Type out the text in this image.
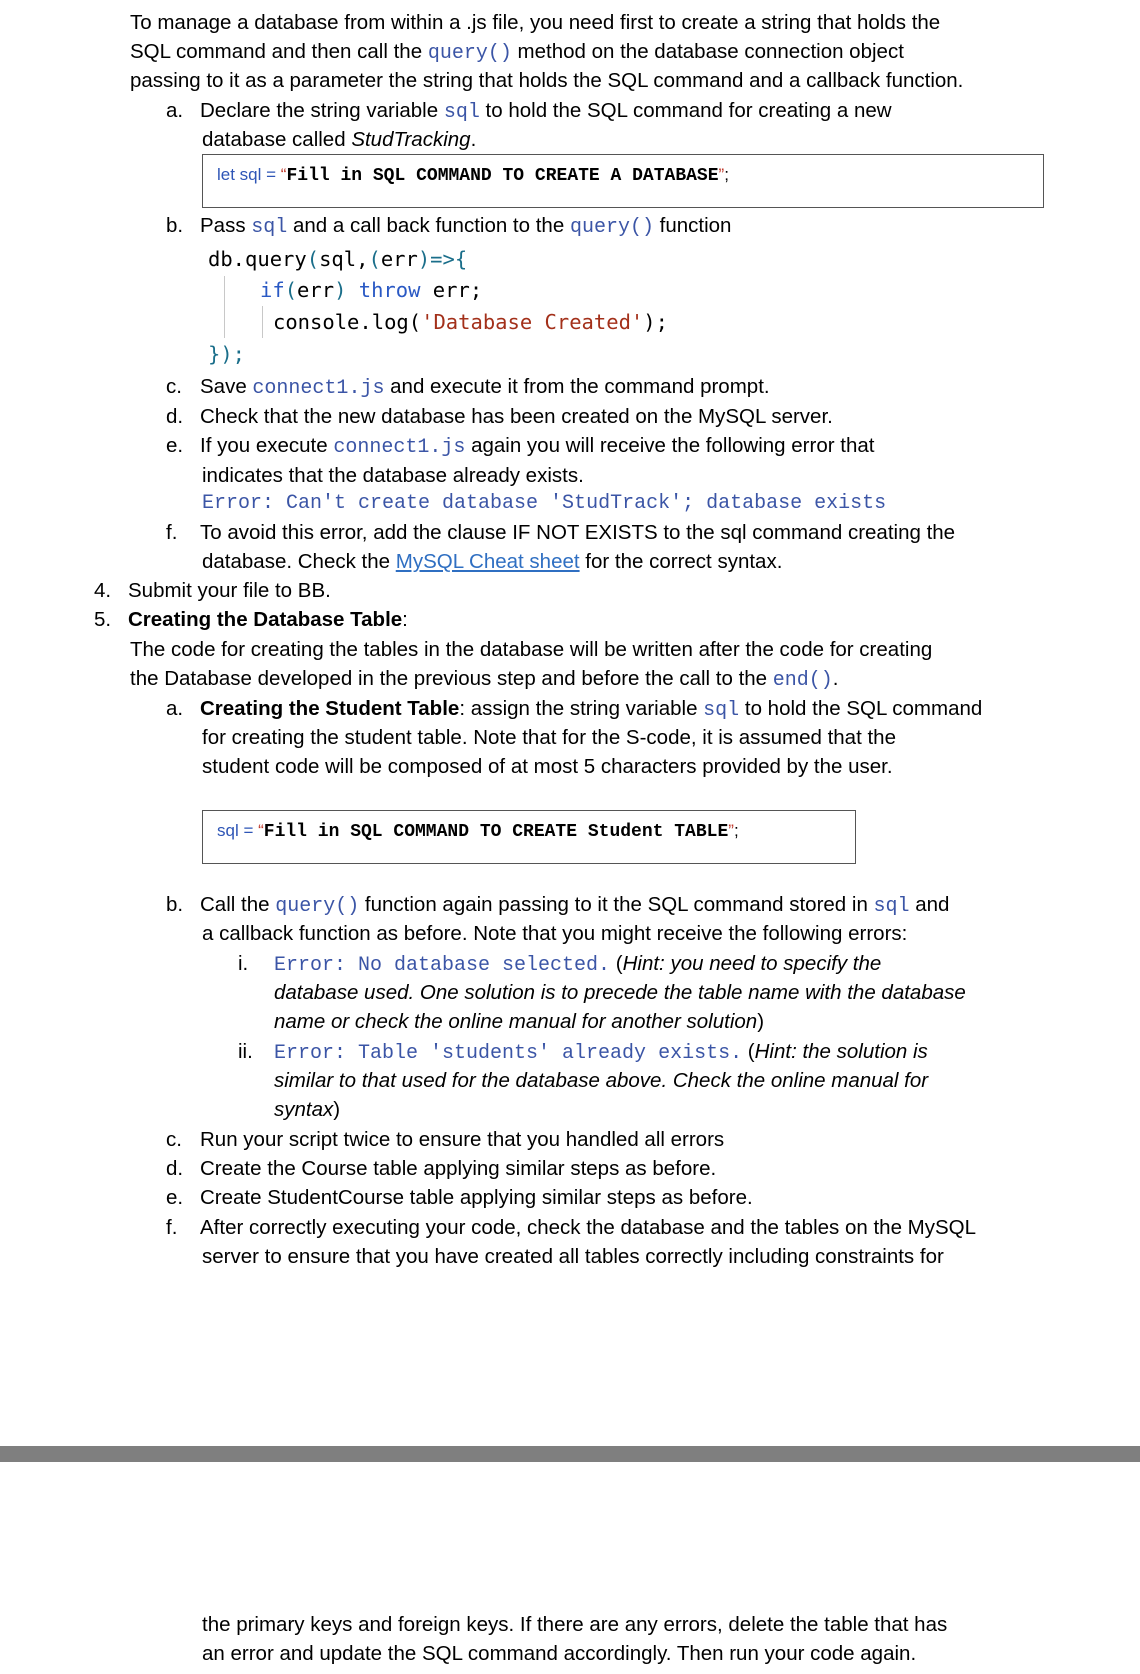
To manage a database from within a .js file, you need first to create a string that holds the
SQL command and then call the query() method on the database connection object
passing to it as a parameter the string that holds the SQL command and a callback function.
a. Declare the string variable sql to hold the SQL command for creating a new
database called StudTracking.
let sql = “Fill in SQL COMMAND TO CREATE A DATABASE”;
b. Pass sql and a call back function to the query() function
db.query(sql,(err)=>{
if(err) throw err;
console.log('Database Created');
});
c. Save connect1.js and execute it from the command prompt.
d. Check that the new database has been created on the MySQL server.
e. If you execute connect1.js again you will receive the following error that
indicates that the database already exists.
Error: Can't create database 'StudTrack'; database exists
f. To avoid this error, add the clause IF NOT EXISTS to the sql command creating the
database. Check the MySQL Cheat sheet for the correct syntax.
4. Submit your file to BB.
5. Creating the Database Table:
The code for creating the tables in the database will be written after the code for creating
the Database developed in the previous step and before the call to the end().
a. Creating the Student Table: assign the string variable sql to hold the SQL command
for creating the student table. Note that for the S-code, it is assumed that the
student code will be composed of at most 5 characters provided by the user.
sql = “Fill in SQL COMMAND TO CREATE Student TABLE”;
b. Call the query() function again passing to it the SQL command stored in sql and
a callback function as before. Note that you might receive the following errors:
i. Error: No database selected. (Hint: you need to specify the
database used. One solution is to precede the table name with the database
name or check the online manual for another solution)
ii. Error: Table 'students' already exists. (Hint: the solution is
similar to that used for the database above. Check the online manual for
syntax)
c. Run your script twice to ensure that you handled all errors
d. Create the Course table applying similar steps as before.
e. Create StudentCourse table applying similar steps as before.
f. After correctly executing your code, check the database and the tables on the MySQL
server to ensure that you have created all tables correctly including constraints for
the primary keys and foreign keys. If there are any errors, delete the table that has
an error and update the SQL command accordingly. Then run your code again.
